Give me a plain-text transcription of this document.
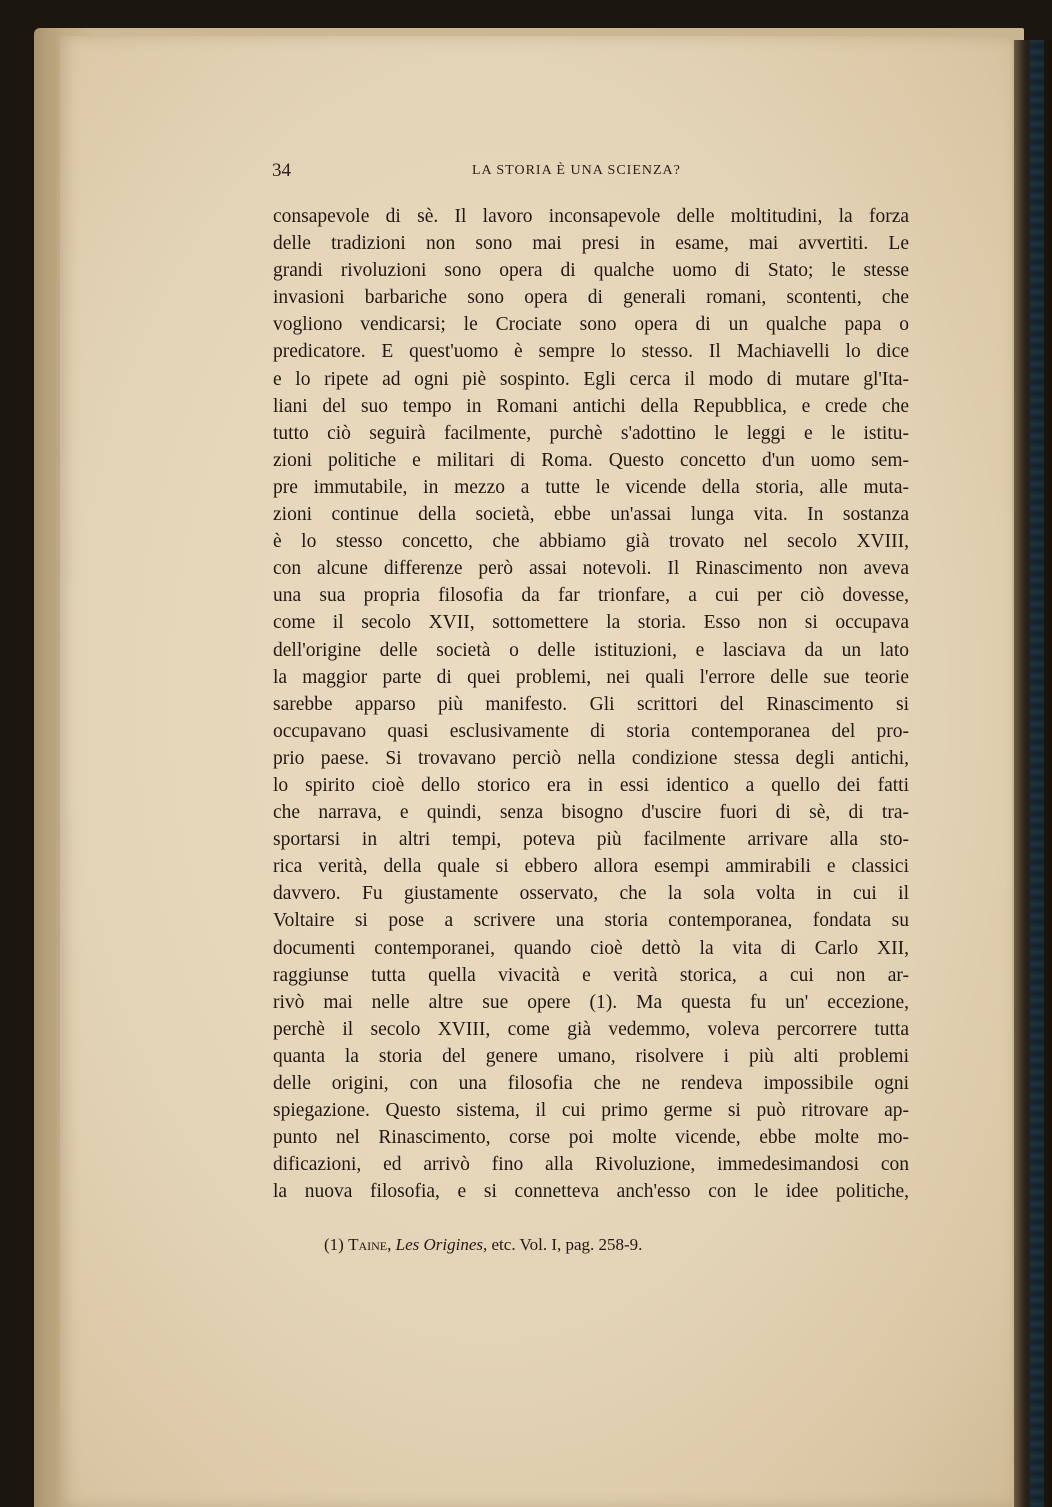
34	LA STORIA È UNA SCIENZA?
consapevole di sè. Il lavoro inconsapevole delle moltitudini, la forza
delle tradizioni non sono mai presi in esame, mai avvertiti. Le
grandi rivoluzioni sono opera di qualche uomo di Stato; le stesse
invasioni barbariche sono opera di generali romani, scontenti, che
vogliono vendicarsi; le Crociate sono opera di un qualche papa o
predicatore. E quest'uomo è sempre lo stesso. Il Machiavelli lo dice
e lo ripete ad ogni piè sospinto. Egli cerca il modo di mutare gl'Ita-
liani del suo tempo in Romani antichi della Repubblica, e crede che
tutto ciò seguirà facilmente, purchè s'adottino le leggi e le istitu-
zioni politiche e militari di Roma. Questo concetto d'un uomo sem-
pre immutabile, in mezzo a tutte le vicende della storia, alle muta-
zioni continue della società, ebbe un'assai lunga vita. In sostanza
è lo stesso concetto, che abbiamo già trovato nel secolo XVIII,
con alcune differenze però assai notevoli. Il Rinascimento non aveva
una sua propria filosofia da far trionfare, a cui per ciò dovesse,
come il secolo XVII, sottomettere la storia. Esso non si occupava
dell'origine delle società o delle istituzioni, e lasciava da un lato
la maggior parte di quei problemi, nei quali l'errore delle sue teorie
sarebbe apparso più manifesto. Gli scrittori del Rinascimento si
occupavano quasi esclusivamente di storia contemporanea del pro-
prio paese. Si trovavano perciò nella condizione stessa degli antichi,
lo spirito cioè dello storico era in essi identico a quello dei fatti
che narrava, e quindi, senza bisogno d'uscire fuori di sè, di tra-
sportarsi in altri tempi, poteva più facilmente arrivare alla sto-
rica verità, della quale si ebbero allora esempi ammirabili e classici
davvero. Fu giustamente osservato, che la sola volta in cui il
Voltaire si pose a scrivere una storia contemporanea, fondata su
documenti contemporanei, quando cioè dettò la vita di Carlo XII,
raggiunse tutta quella vivacità e verità storica, a cui non ar-
rivò mai nelle altre sue opere (1). Ma questa fu un' eccezione,
perchè il secolo XVIII, come già vedemmo, voleva percorrere tutta
quanta la storia del genere umano, risolvere i più alti problemi
delle origini, con una filosofia che ne rendeva impossibile ogni
spiegazione. Questo sistema, il cui primo germe si può ritrovare ap-
punto nel Rinascimento, corse poi molte vicende, ebbe molte mo-
dificazioni, ed arrivò fino alla Rivoluzione, immedesimandosi con
la nuova filosofia, e si connetteva anch'esso con le idee politiche,
(1) Taine, Les Origines, etc. Vol. I, pag. 258-9.
